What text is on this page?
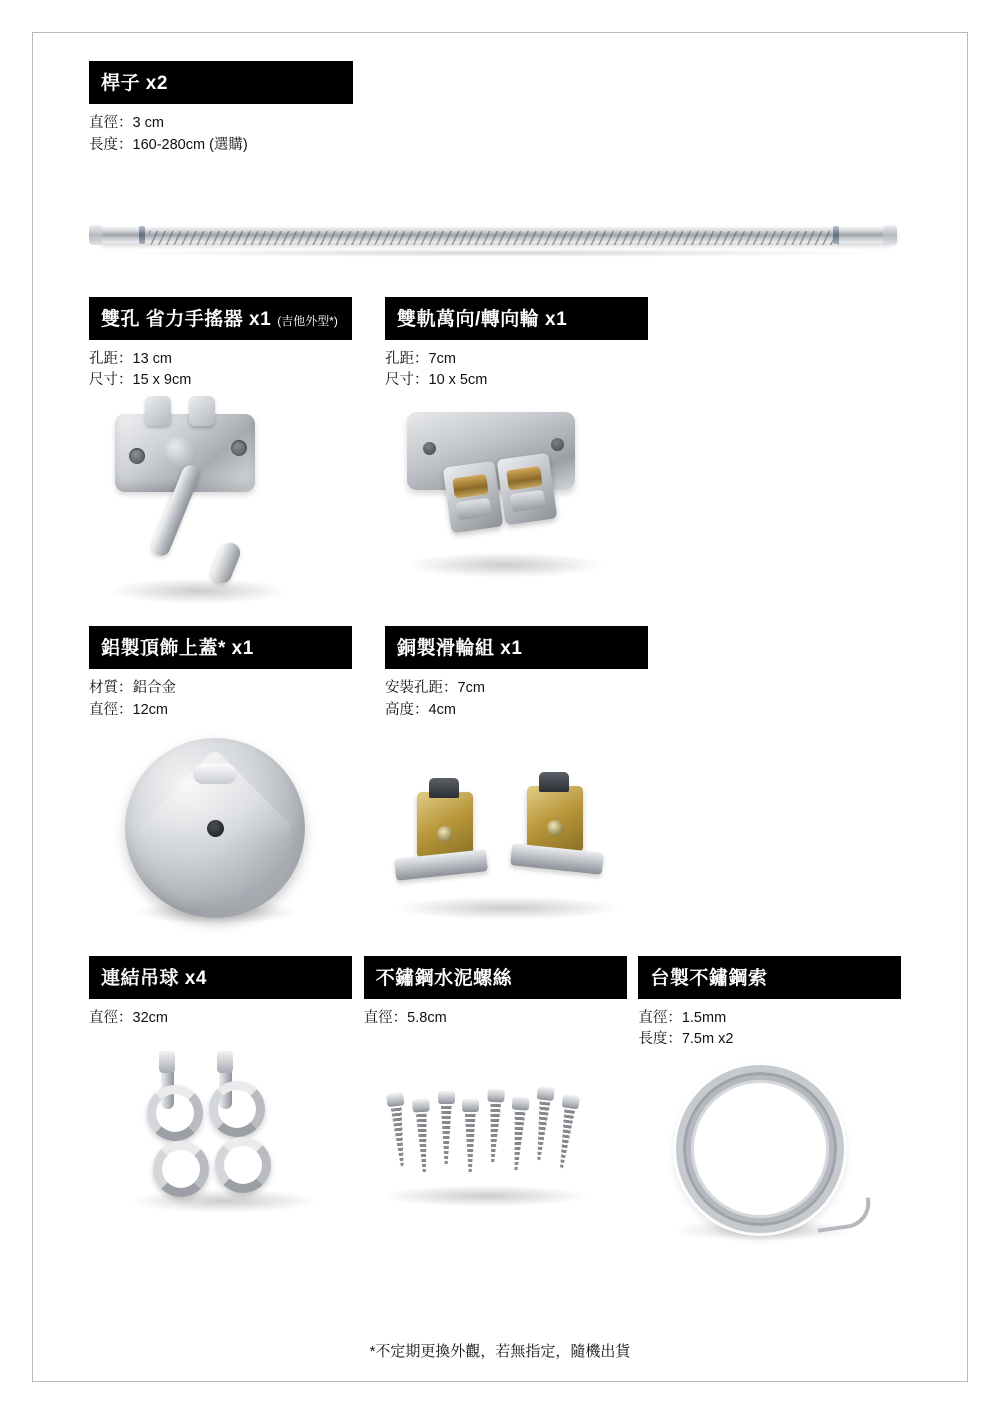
桿子 x2
直徑：3 cm
長度：160-280cm (選購)
雙孔 省力手搖器 x1 (吉他外型*)
孔距：13 cm
尺寸：15 x 9cm
雙軌萬向/轉向輪 x1
孔距：7cm
尺寸：10 x 5cm
鋁製頂飾上蓋* x1
材質：鋁合金
直徑：12cm
銅製滑輪組 x1
安裝孔距：7cm
高度：4cm
連結吊球 x4
直徑：32cm
不鏽鋼水泥螺絲
直徑：5.8cm
台製不鏽鋼索
直徑：1.5mm
長度：7.5m x2
*不定期更換外觀，若無指定，隨機出貨
